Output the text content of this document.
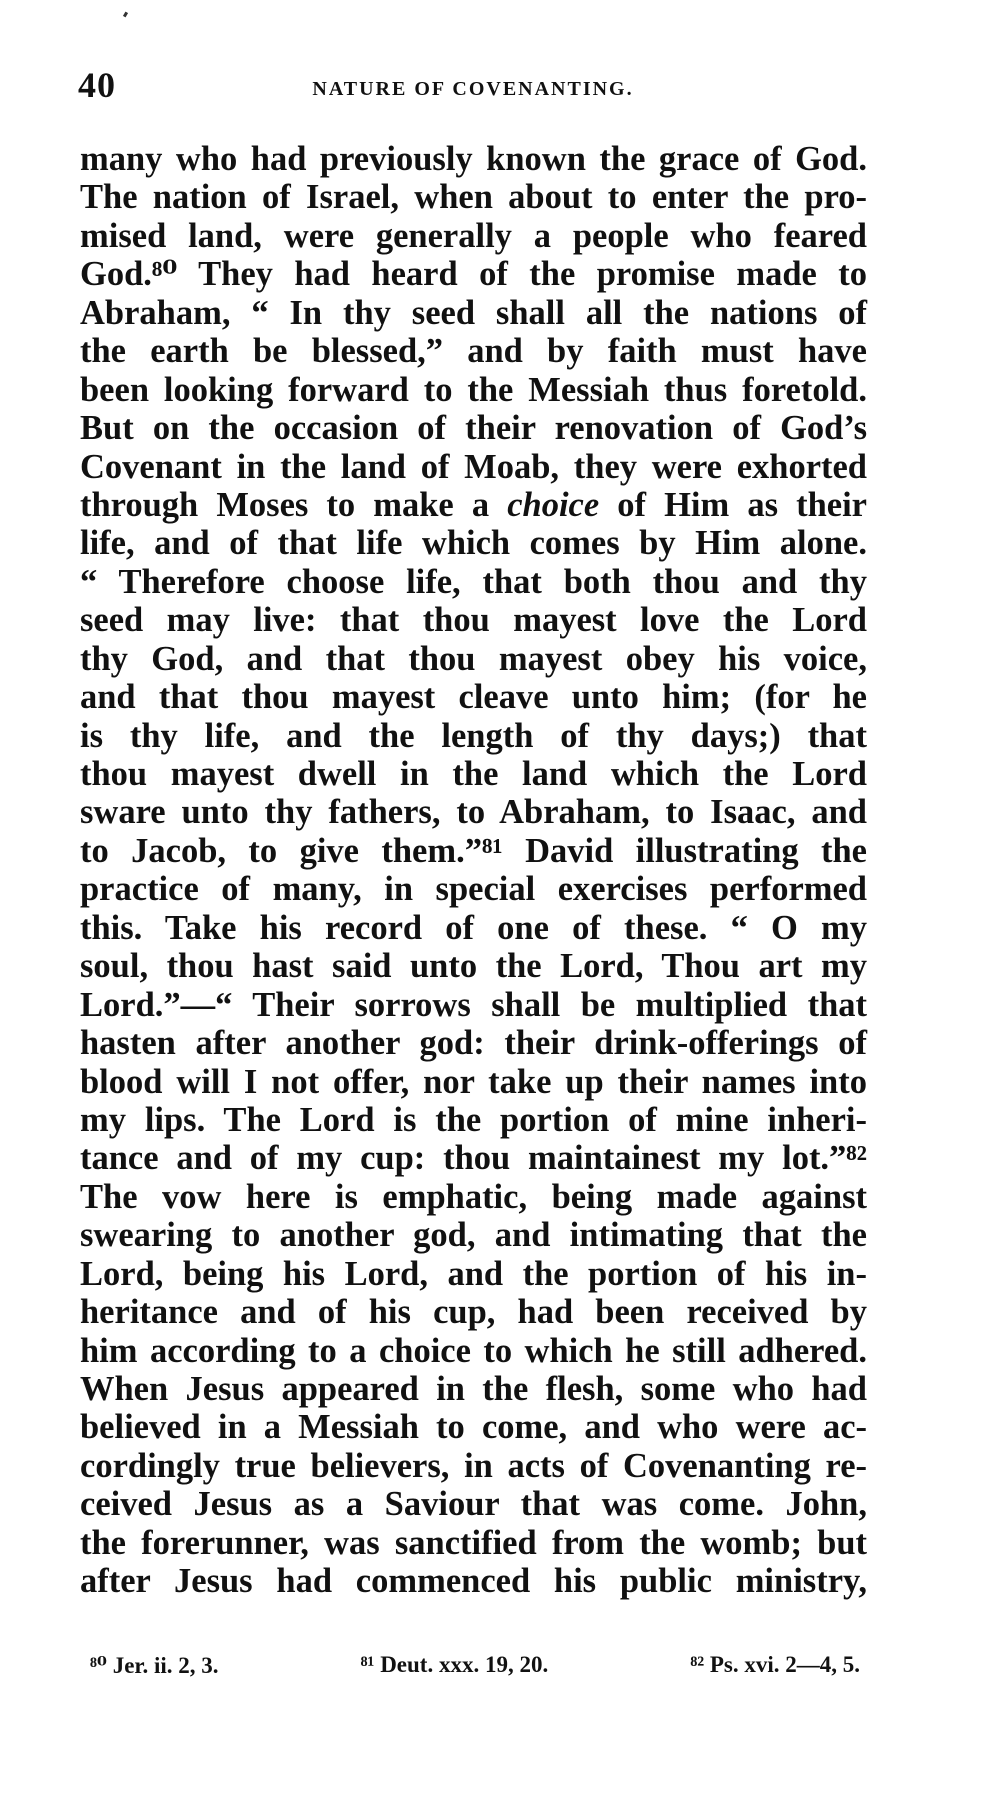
40	NATURE OF COVENANTING.
many who had previously known the grace of God.
The nation of Israel, when about to enter the pro-
mised land, were generally a people who feared
God.⁸⁰ They had heard of the promise made to
Abraham, “ In thy seed shall all the nations of
the earth be blessed,” and by faith must have
been looking forward to the Messiah thus foretold.
But on the occasion of their renovation of God’s
Covenant in the land of Moab, they were exhorted
through Moses to make a choice of Him as their
life, and of that life which comes by Him alone.
“ Therefore choose life, that both thou and thy
seed may live: that thou mayest love the Lord
thy God, and that thou mayest obey his voice,
and that thou mayest cleave unto him; (for he
is thy life, and the length of thy days;) that
thou mayest dwell in the land which the Lord
sware unto thy fathers, to Abraham, to Isaac, and
to Jacob, to give them.”⁸¹ David illustrating the
practice of many, in special exercises performed
this. Take his record of one of these. “ O my
soul, thou hast said unto the Lord, Thou art my
Lord.”—“ Their sorrows shall be multiplied that
hasten after another god: their drink-offerings of
blood will I not offer, nor take up their names into
my lips. The Lord is the portion of mine inheri-
tance and of my cup: thou maintainest my lot.”⁸²
The vow here is emphatic, being made against
swearing to another god, and intimating that the
Lord, being his Lord, and the portion of his in-
heritance and of his cup, had been received by
him according to a choice to which he still adhered.
When Jesus appeared in the flesh, some who had
believed in a Messiah to come, and who were ac-
cordingly true believers, in acts of Covenanting re-
ceived Jesus as a Saviour that was come. John,
the forerunner, was sanctified from the womb; but
after Jesus had commenced his public ministry,
⁸⁰ Jer. ii. 2, 3.	⁸¹ Deut. xxx. 19, 20.	⁸² Ps. xvi. 2—4, 5.
